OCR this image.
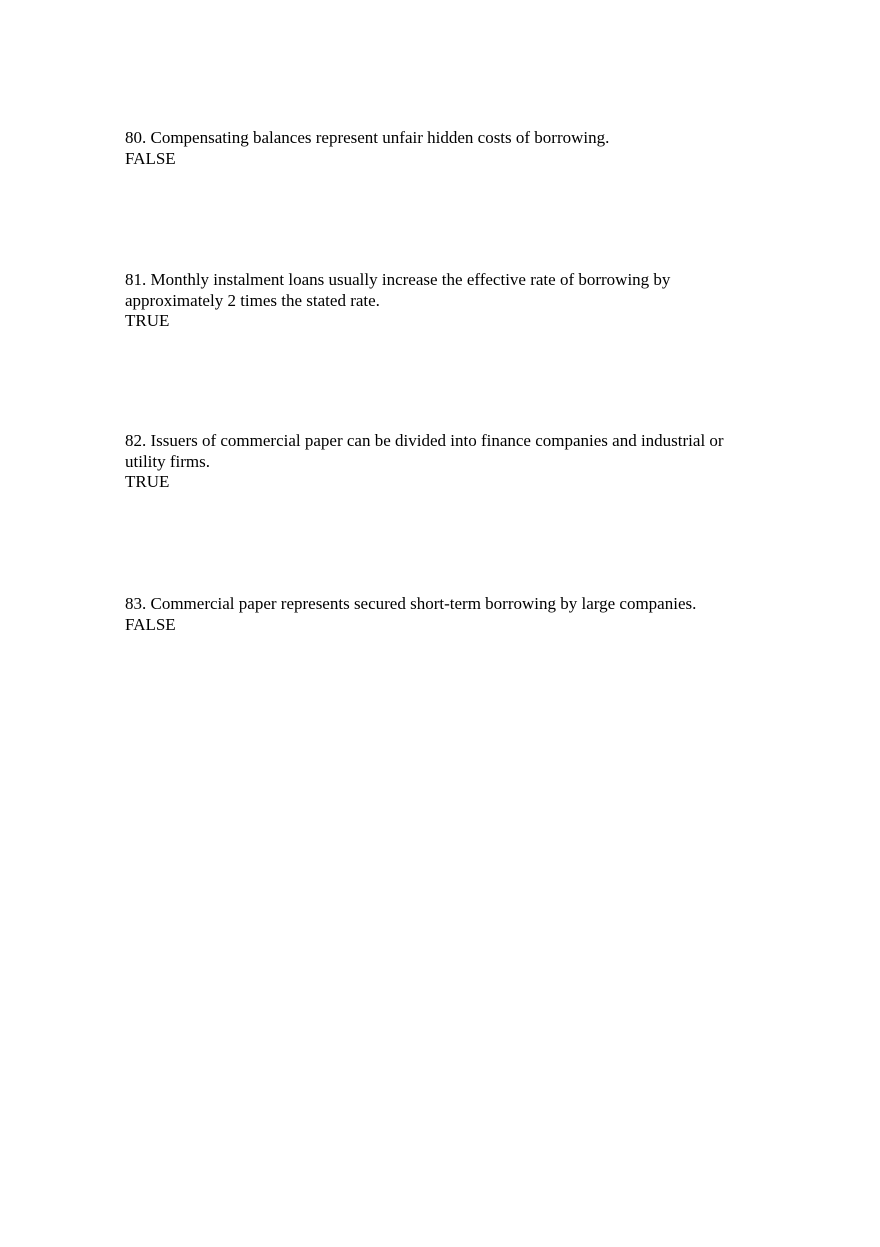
80. Compensating balances represent unfair hidden costs of borrowing.

FALSE

81. Monthly instalment loans usually increase the effective rate of borrowing by approximately 2 times the stated rate.

TRUE

82. Issuers of commercial paper can be divided into finance companies and industrial or utility firms.

TRUE

83. Commercial paper represents secured short-term borrowing by large companies.

FALSE
